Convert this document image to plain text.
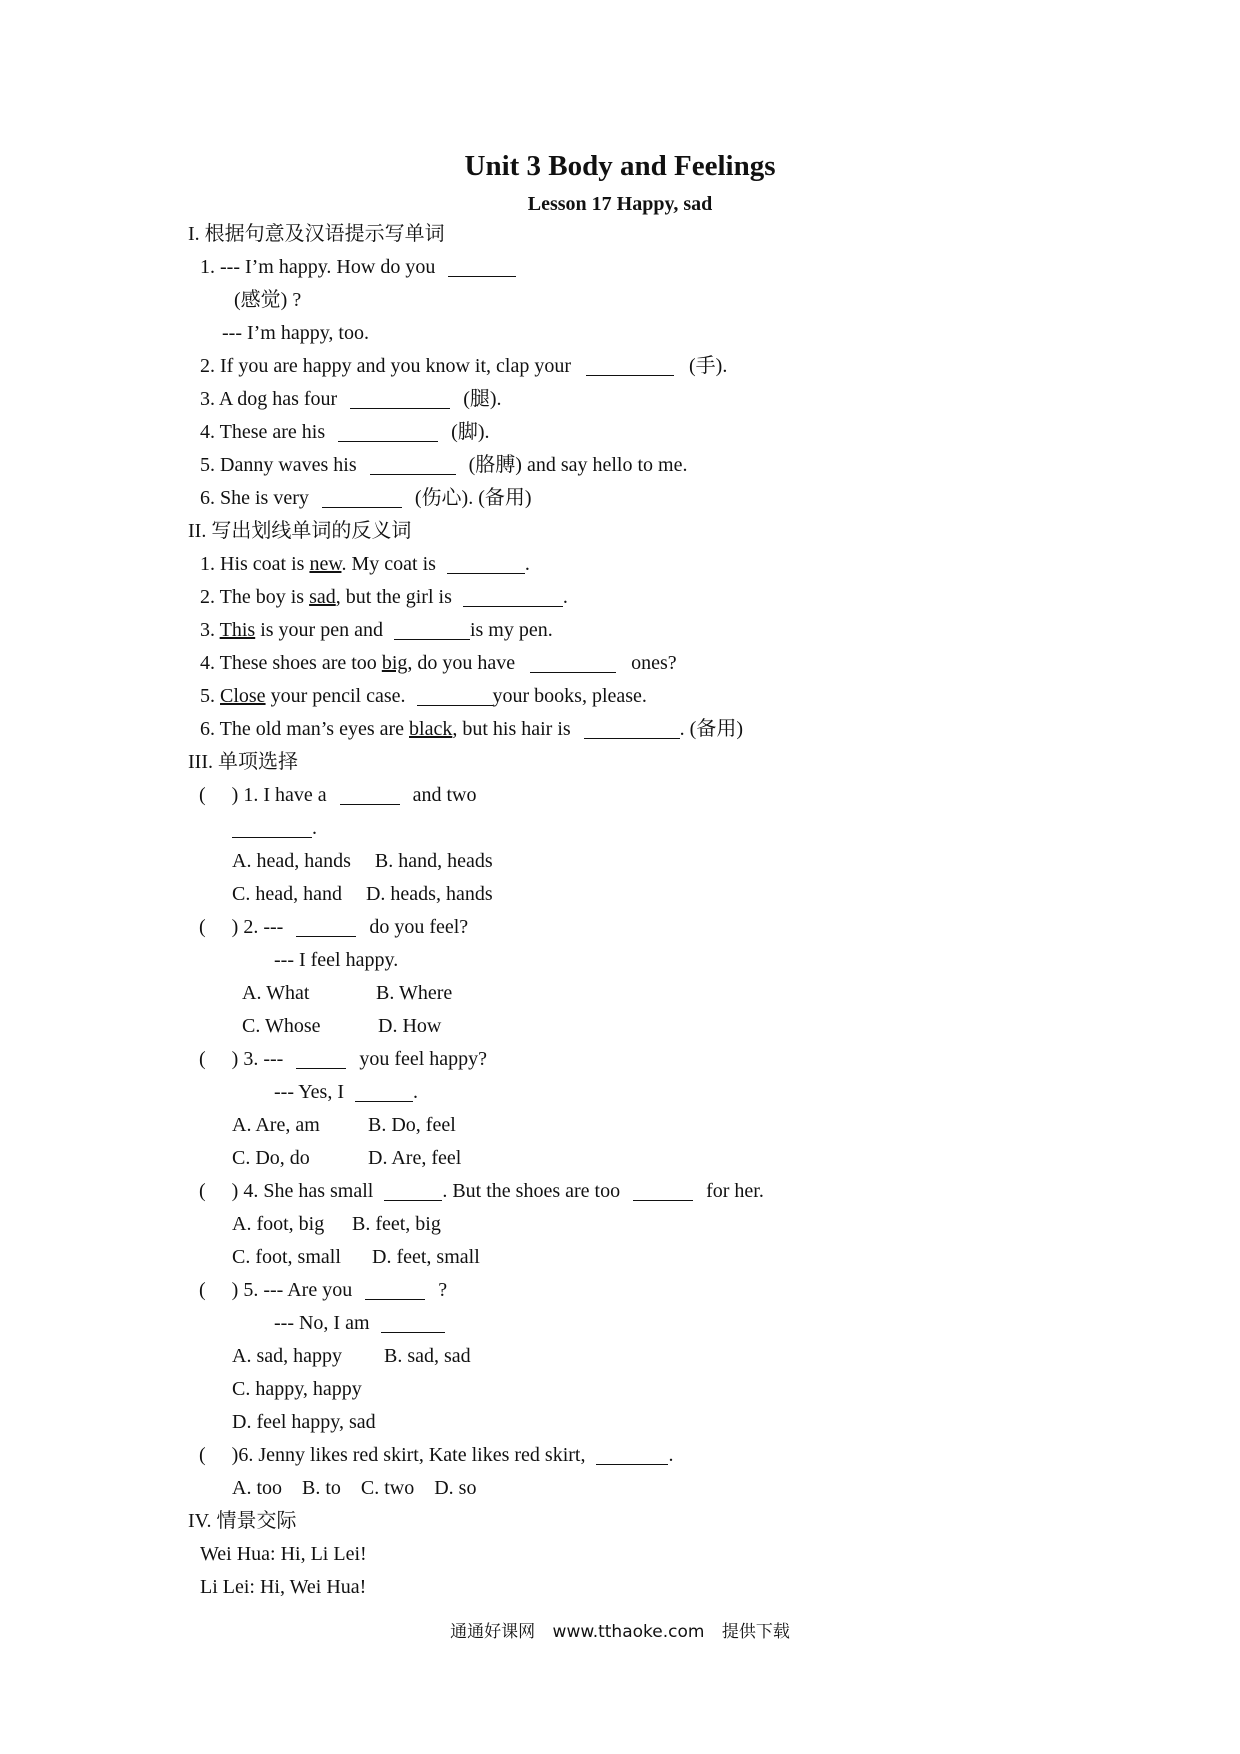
Unit 3 Body and Feelings
Lesson 17 Happy, sad
I. 根据句意及汉语提示写单词
1. --- I’m happy. How do you
(感觉) ?
--- I’m happy, too.
2. If you are happy and you know it, clap your	(手).
3. A dog has four	(腿).
4. These are his	(脚).
5. Danny waves his	(胳膊) and say hello to me.
6. She is very	(伤心). (备用)
II. 写出划线单词的反义词
1. His coat is new. My coat is	.
2. The boy is sad, but the girl is	.
3. This is your pen and	is my pen.
4. These shoes are too big, do you have	ones?
5. Close your pencil case.	your books, please.
6. The old man’s eyes are black, but his hair is	. (备用)
III. 单项选择
( ) 1. I have a	and two
.
A. head, hands B. hand, heads
C. head, hand D. heads, hands
( ) 2. ---	do you feel?
--- I feel happy.
A. What	B. Where
C. Whose	D. How
( ) 3. ---	you feel happy?
--- Yes, I	.
A. Are, am B. Do, feel
C. Do, do	D. Are, feel
( ) 4. She has small	. But the shoes are too	for her.
A. foot, big B. feet, big
C. foot, small D. feet, small
( ) 5. --- Are you	?
--- No, I am
A. sad, happy B. sad, sad
C. happy, happy
D. feel happy, sad
( )6. Jenny likes red skirt, Kate likes red skirt,	.
A. too    B. to    C. two    D. so
IV. 情景交际
Wei Hua: Hi, Li Lei!
Li Lei: Hi, Wei Hua!
通通好课网 www.tthaoke.com 提供下载
